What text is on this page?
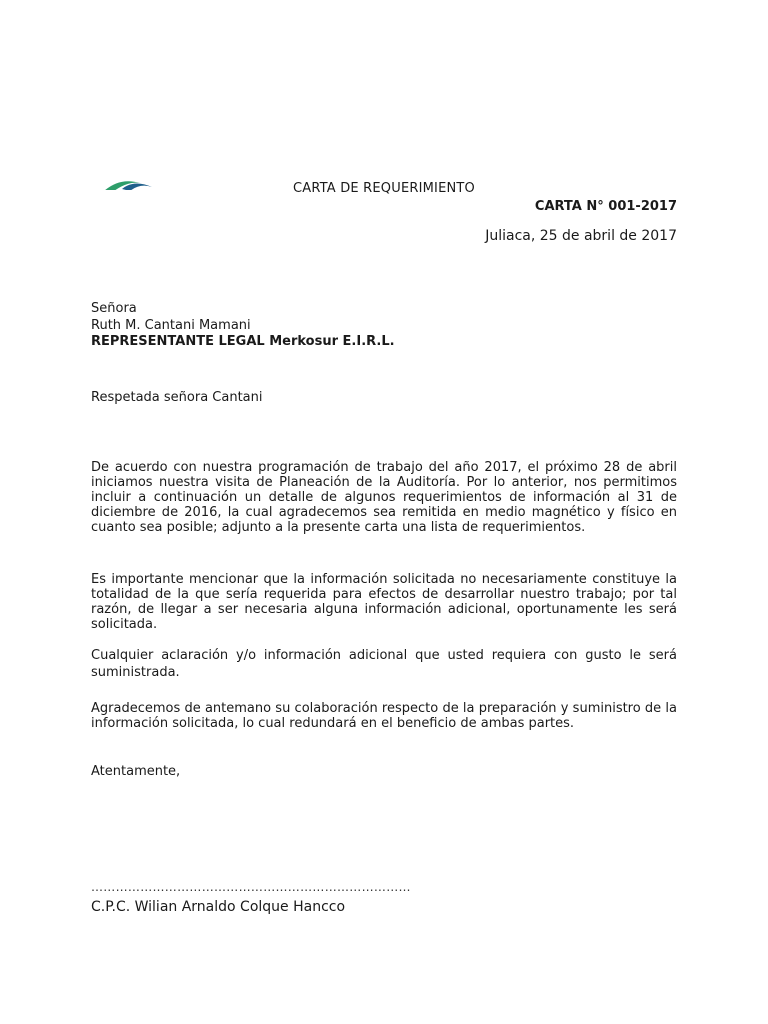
CARTA DE REQUERIMIENTO
CARTA N° 001-2017
Juliaca, 25 de abril de 2017
Señora
Ruth M. Cantani Mamani
REPRESENTANTE LEGAL Merkosur E.I.R.L.
Respetada señora Cantani
De acuerdo con nuestra programación de trabajo del año 2017, el próximo 28 de abril iniciamos nuestra visita de Planeación de la Auditoría. Por lo anterior, nos permitimos incluir a continuación un detalle de algunos requerimientos de información al 31 de diciembre de 2016, la cual agradecemos sea remitida en medio magnético y físico en cuanto sea posible; adjunto a la presente carta una lista de requerimientos.
Es importante mencionar que la información solicitada no necesariamente constituye la totalidad de la que sería requerida para efectos de desarrollar nuestro trabajo; por tal razón, de llegar a ser necesaria alguna información adicional, oportunamente les será solicitada.
Cualquier aclaración y/o información adicional que usted requiera con gusto le será suministrada.
Agradecemos de antemano su colaboración respecto de la preparación y suministro de la información solicitada, lo cual redundará en el beneficio de ambas partes.
Atentamente,
……………………………………………………………………
C.P.C. Wilian Arnaldo Colque Hancco
